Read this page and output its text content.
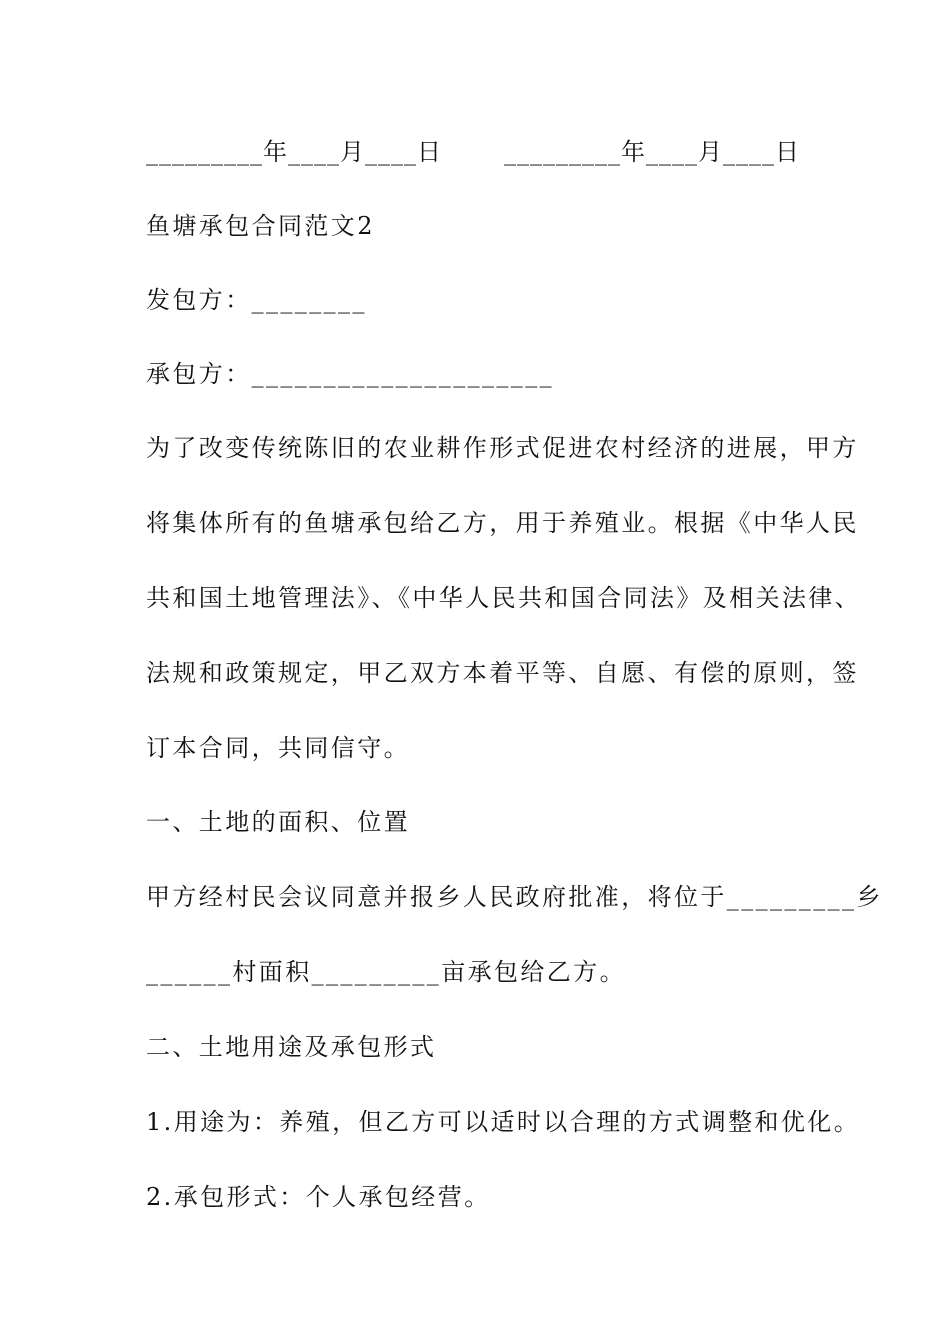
_________年____月____日	_________年____月____日
鱼塘承包合同范文2
发包方：________
承包方：_____________________
为了改变传统陈旧的农业耕作形式促进农村经济的进展，甲方
将集体所有的鱼塘承包给乙方，用于养殖业。根据《中华人民
共和国土地管理法》、《中华人民共和国合同法》及相关法律、
法规和政策规定，甲乙双方本着平等、自愿、有偿的原则，签
订本合同，共同信守。
一、土地的面积、位置
甲方经村民会议同意并报乡人民政府批准，将位于_________乡
______村面积_________亩承包给乙方。
二、土地用途及承包形式
1.用途为：养殖，但乙方可以适时以合理的方式调整和优化。
2.承包形式：个人承包经营。
